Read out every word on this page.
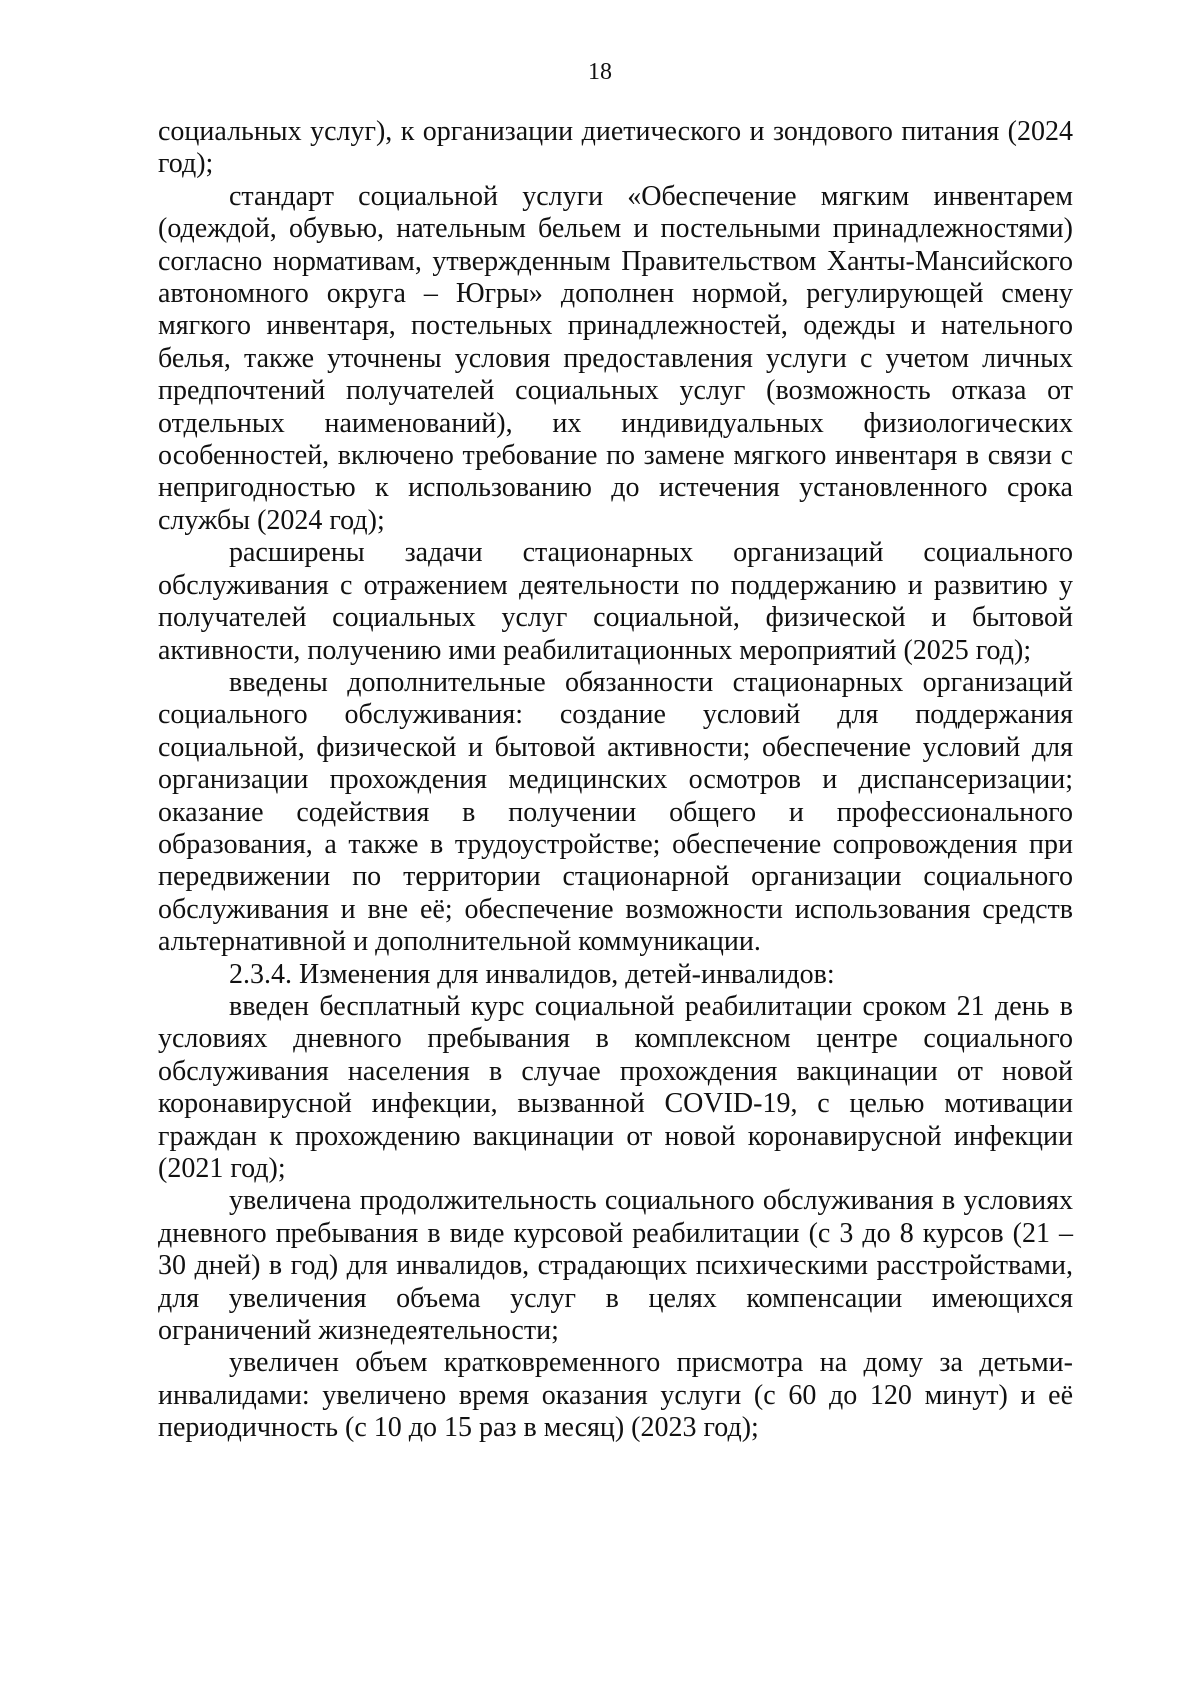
18

социальных услуг), к организации диетического и зондового питания (2024 год);

стандарт социальной услуги «Обеспечение мягким инвентарем (одеждой, обувью, нательным бельем и постельными принадлежностями) согласно нормативам, утвержденным Правительством Ханты-Мансийского автономного округа – Югры» дополнен нормой, регулирующей смену мягкого инвентаря, постельных принадлежностей, одежды и нательного белья, также уточнены условия предоставления услуги с учетом личных предпочтений получателей социальных услуг (возможность отказа от отдельных наименований), их индивидуальных физиологических особенностей, включено требование по замене мягкого инвентаря в связи с непригодностью к использованию до истечения установленного срока службы (2024 год);

расширены задачи стационарных организаций социального обслуживания с отражением деятельности по поддержанию и развитию у получателей социальных услуг социальной, физической и бытовой активности, получению ими реабилитационных мероприятий (2025 год);

введены дополнительные обязанности стационарных организаций социального обслуживания: создание условий для поддержания социальной, физической и бытовой активности; обеспечение условий для организации прохождения медицинских осмотров и диспансеризации; оказание содействия в получении общего и профессионального образования, а также в трудоустройстве; обеспечение сопровождения при передвижении по территории стационарной организации социального обслуживания и вне её; обеспечение возможности использования средств альтернативной и дополнительной коммуникации.

2.3.4. Изменения для инвалидов, детей-инвалидов:

введен бесплатный курс социальной реабилитации сроком 21 день в условиях дневного пребывания в комплексном центре социального обслуживания населения в случае прохождения вакцинации от новой коронавирусной инфекции, вызванной COVID-19, с целью мотивации граждан к прохождению вакцинации от новой коронавирусной инфекции (2021 год);

увеличена продолжительность социального обслуживания в условиях дневного пребывания в виде курсовой реабилитации (с 3 до 8 курсов (21 – 30 дней) в год) для инвалидов, страдающих психическими расстройствами, для увеличения объема услуг в целях компенсации имеющихся ограничений жизнедеятельности;

увеличен объем кратковременного присмотра на дому за детьми-инвалидами: увеличено время оказания услуги (с 60 до 120 минут) и её периодичность (с 10 до 15 раз в месяц) (2023 год);
